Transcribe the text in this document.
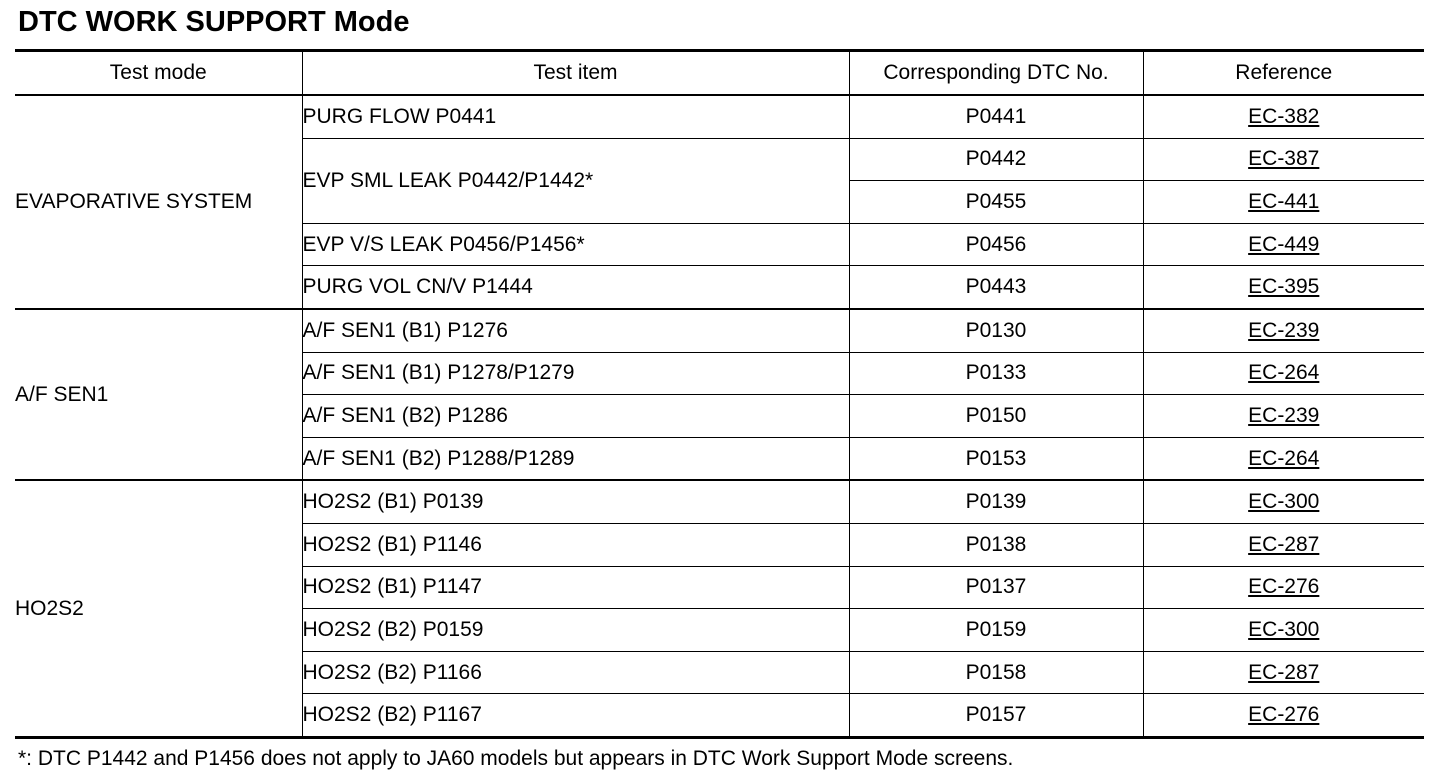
DTC WORK SUPPORT Mode
Test mode	Test item	Corresponding DTC No.	Reference
EVAPORATIVE SYSTEM	PURG FLOW P0441	P0441	EC-382
	EVP SML LEAK P0442/P1442*	P0442	EC-387
		P0455	EC-441
	EVP V/S LEAK P0456/P1456*	P0456	EC-449
	PURG VOL CN/V P1444	P0443	EC-395
A/F SEN1	A/F SEN1 (B1) P1276	P0130	EC-239
	A/F SEN1 (B1) P1278/P1279	P0133	EC-264
	A/F SEN1 (B2) P1286	P0150	EC-239
	A/F SEN1 (B2) P1288/P1289	P0153	EC-264
HO2S2	HO2S2 (B1) P0139	P0139	EC-300
	HO2S2 (B1) P1146	P0138	EC-287
	HO2S2 (B1) P1147	P0137	EC-276
	HO2S2 (B2) P0159	P0159	EC-300
	HO2S2 (B2) P1166	P0158	EC-287
	HO2S2 (B2) P1167	P0157	EC-276
*: DTC P1442 and P1456 does not apply to JA60 models but appears in DTC Work Support Mode screens.
